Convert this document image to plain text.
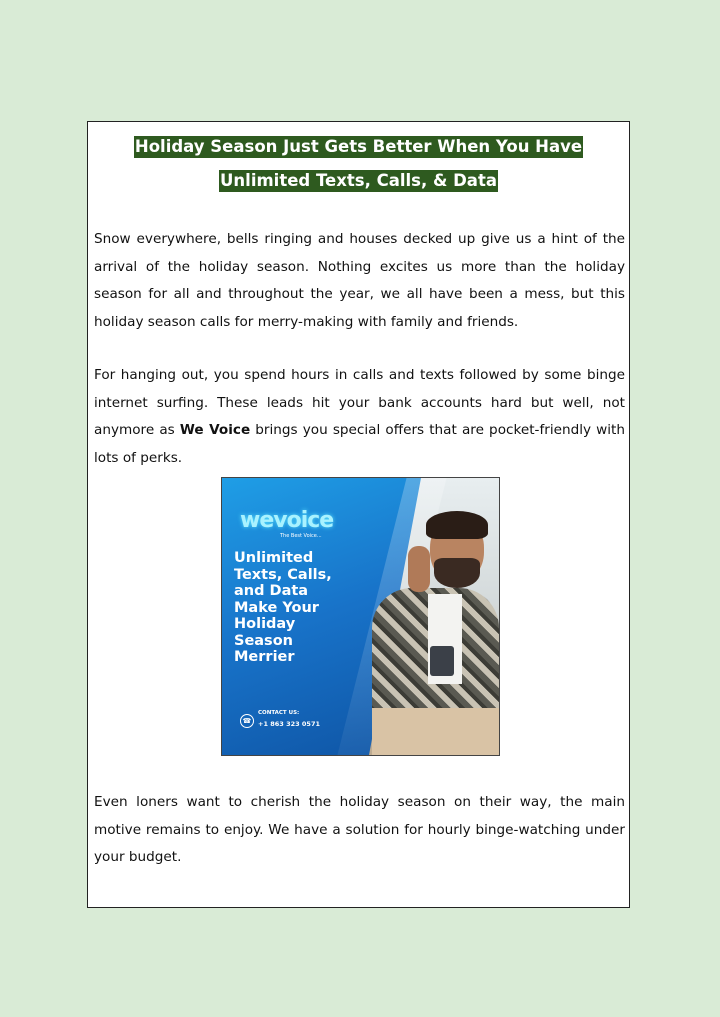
Holiday Season Just Gets Better When You Have
Unlimited Texts, Calls, & Data

Snow everywhere, bells ringing and houses decked up give us a hint of the arrival of the holiday season. Nothing excites us more than the holiday season for all and throughout the year, we all have been a mess, but this holiday season calls for merry-making with family and friends.

For hanging out, you spend hours in calls and texts followed by some binge internet surfing. These leads hit your bank accounts hard but well, not anymore as We Voice brings you special offers that are pocket-friendly with lots of perks.

wevoice
The Best Voice...

Unlimited Texts, Calls, and Data Make Your Holiday Season Merrier

☎
CONTACT US:
+1 863 323 0571

Even loners want to cherish the holiday season on their way, the main motive remains to enjoy. We have a solution for hourly binge-watching under your budget.
